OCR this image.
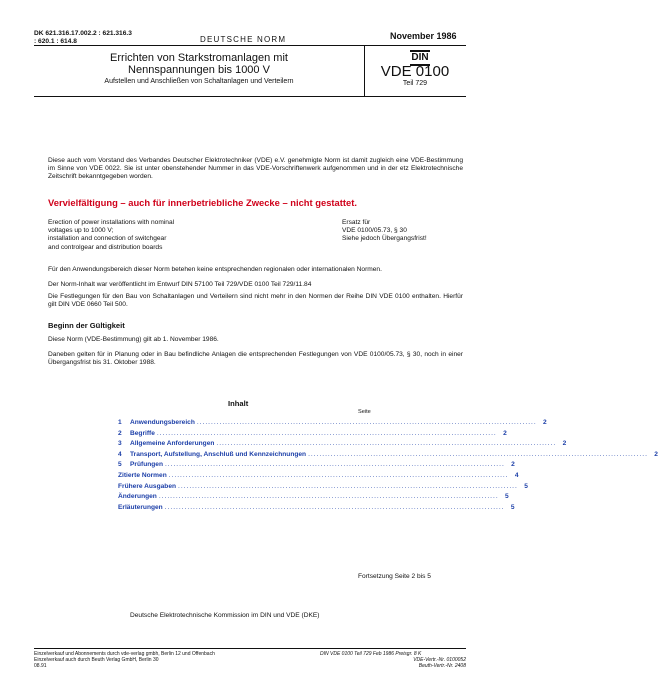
DK 621.316.17.002.2 : 621.316.3
: 620.1 : 614.8	DEUTSCHE NORM	November 1986
Errichten von Starkstromanlagen mit
Nennspannungen bis 1000 V
Aufstellen und Anschließen von Schaltanlagen und Verteilern
DIN
VDE 0100
Teil 729
Diese auch vom Vorstand des Verbandes Deutscher Elektrotechniker (VDE) e.V. genehmigte Norm ist damit zugleich eine VDE-Bestimmung im Sinne von VDE 0022. Sie ist unter obenstehender Nummer in das VDE-Vorschriftenwerk aufgenommen und in der etz Elektrotechnische Zeitschrift bekanntgegeben worden.
Vervielfältigung – auch für innerbetriebliche Zwecke – nicht gestattet.
Erection of power installations with nominal
voltages up to 1000 V;
installation and connection of switchgear
and controlgear and distribution boards
Ersatz für
VDE 0100/05.73, § 30
Siehe jedoch Übergangsfrist!
Für den Anwendungsbereich dieser Norm betehen keine entsprechenden regionalen oder internationalen Normen.
Der Norm-Inhalt war veröffentlicht im Entwurf DIN 57100 Teil 729/VDE 0100 Teil 729/11.84
Die Festlegungen für den Bau von Schaltanlagen und Verteilern sind nicht mehr in den Normen der Reihe DIN VDE 0100 enthalten. Hierfür gilt DIN VDE 0660 Teil 500.
Beginn der Gültigkeit
Diese Norm (VDE-Bestimmung) gilt ab 1. November 1986.
Daneben gelten für in Planung oder in Bau befindliche Anlagen die entsprechenden Festlegungen von VDE 0100/05.73, § 30, noch in einer Übergangsfrist bis 31. Oktober 1988.
Inhalt
Seite
1	Anwendungsbereich ........................................................................................................................ 2
2	Begriffe ........................................................................................................................ 2
3	Allgemeine Anforderungen ........................................................................................................................ 2
4	Transport, Aufstellung, Anschluß und Kennzeichnungen ........................................................................................................................ 2
5	Prüfungen ........................................................................................................................ 2
Zitierte Normen ........................................................................................................................ 4
Frühere Ausgaben ........................................................................................................................ 5
Änderungen ........................................................................................................................ 5
Erläuterungen ........................................................................................................................ 5
Fortsetzung Seite 2 bis 5
Deutsche Elektrotechnische Kommission im DIN und VDE (DKE)
Einzelverkauf und Abonnements durch vde-verlag gmbh, Berlin 12 und Offenbach
Einzelverkauf auch durch Beuth Verlag GmbH, Berlin 30
08.91
DIN VDE 0100 Teil 729 Feb 1986 Preisgr. 8 K
VDE-Vertr.-Nr. 0100052
Beuth-Vertr.-Nr. 2408
